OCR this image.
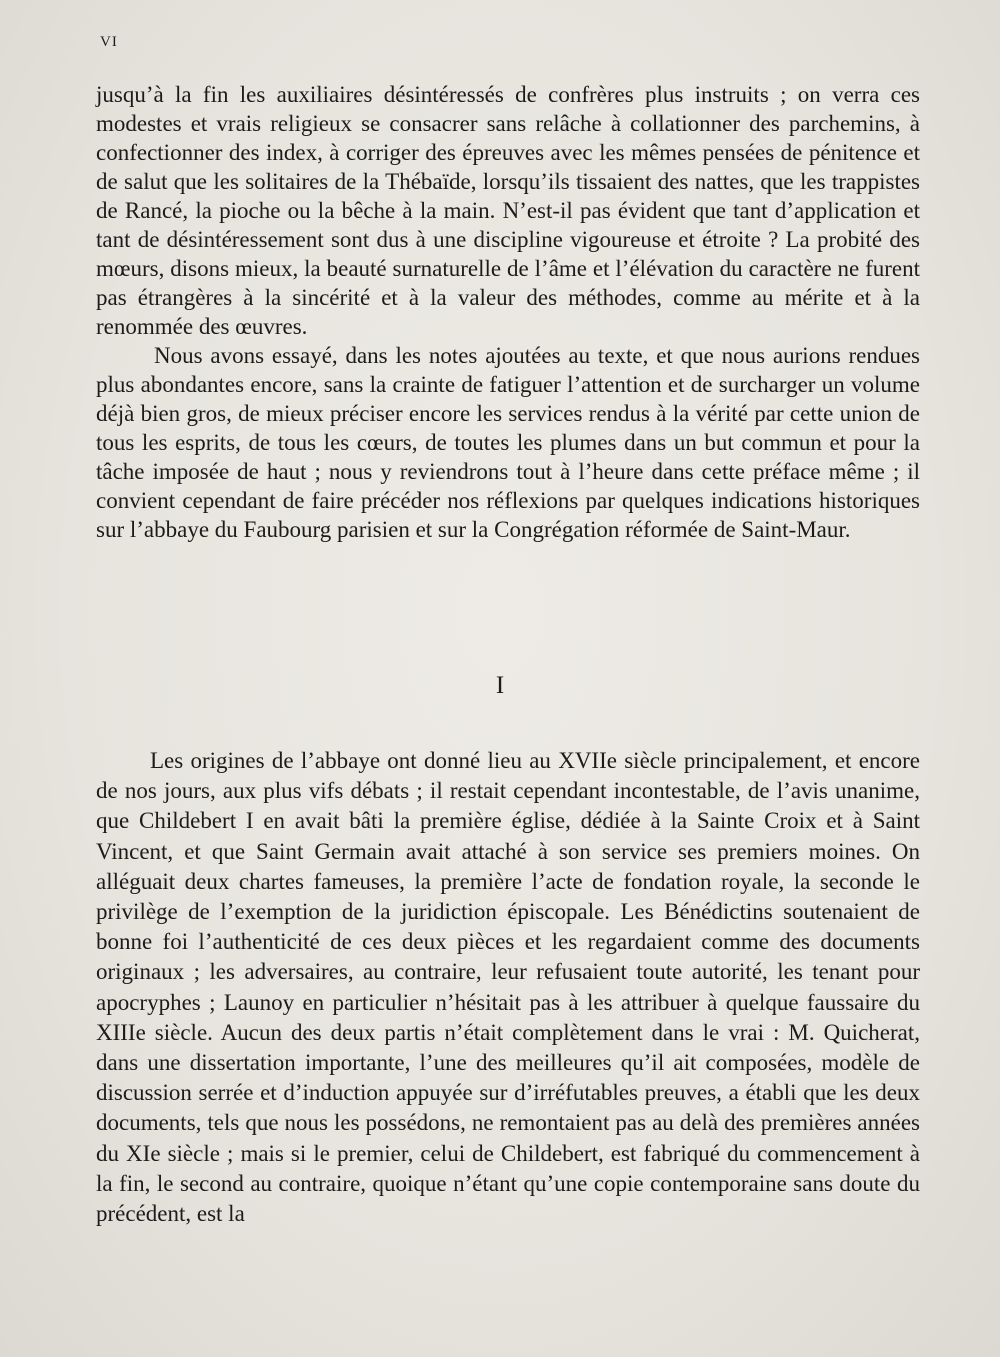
VI

jusqu’à la fin les auxiliaires désintéressés de confrères plus instruits ; on verra ces modestes et vrais religieux se consacrer sans relâche à collationner des parchemins, à confectionner des index, à corriger des épreuves avec les mêmes pensées de pénitence et de salut que les solitaires de la Thébaïde, lorsqu’ils tissaient des nattes, que les trappistes de Rancé, la pioche ou la bêche à la main. N’est-il pas évident que tant d’application et tant de désintéressement sont dus à une discipline vigoureuse et étroite ? La probité des mœurs, disons mieux, la beauté surnaturelle de l’âme et l’élévation du caractère ne furent pas étrangères à la sincérité et à la valeur des méthodes, comme au mérite et à la renommée des œuvres.

Nous avons essayé, dans les notes ajoutées au texte, et que nous aurions rendues plus abondantes encore, sans la crainte de fatiguer l’attention et de surcharger un volume déjà bien gros, de mieux préciser encore les services rendus à la vérité par cette union de tous les esprits, de tous les cœurs, de toutes les plumes dans un but commun et pour la tâche imposée de haut ; nous y reviendrons tout à l’heure dans cette préface même ; il convient cependant de faire précéder nos réflexions par quelques indications historiques sur l’abbaye du Faubourg parisien et sur la Congrégation réformée de Saint-Maur.

I

Les origines de l’abbaye ont donné lieu au XVIIe siècle principalement, et encore de nos jours, aux plus vifs débats ; il restait cependant incontestable, de l’avis unanime, que Childebert I en avait bâti la première église, dédiée à la Sainte Croix et à Saint Vincent, et que Saint Germain avait attaché à son service ses premiers moines. On alléguait deux chartes fameuses, la première l’acte de fondation royale, la seconde le privilège de l’exemption de la juridiction épiscopale. Les Bénédictins soutenaient de bonne foi l’authenticité de ces deux pièces et les regardaient comme des documents originaux ; les adversaires, au contraire, leur refusaient toute autorité, les tenant pour apocryphes ; Launoy en particulier n’hésitait pas à les attribuer à quelque faussaire du XIIIe siècle. Aucun des deux partis n’était complètement dans le vrai : M. Quicherat, dans une dissertation importante, l’une des meilleures qu’il ait composées, modèle de discussion serrée et d’induction appuyée sur d’irréfutables preuves, a établi que les deux documents, tels que nous les possédons, ne remontaient pas au delà des premières années du XIe siècle ; mais si le premier, celui de Childebert, est fabriqué du commencement à la fin, le second au contraire, quoique n’étant qu’une copie contemporaine sans doute du précédent, est la
